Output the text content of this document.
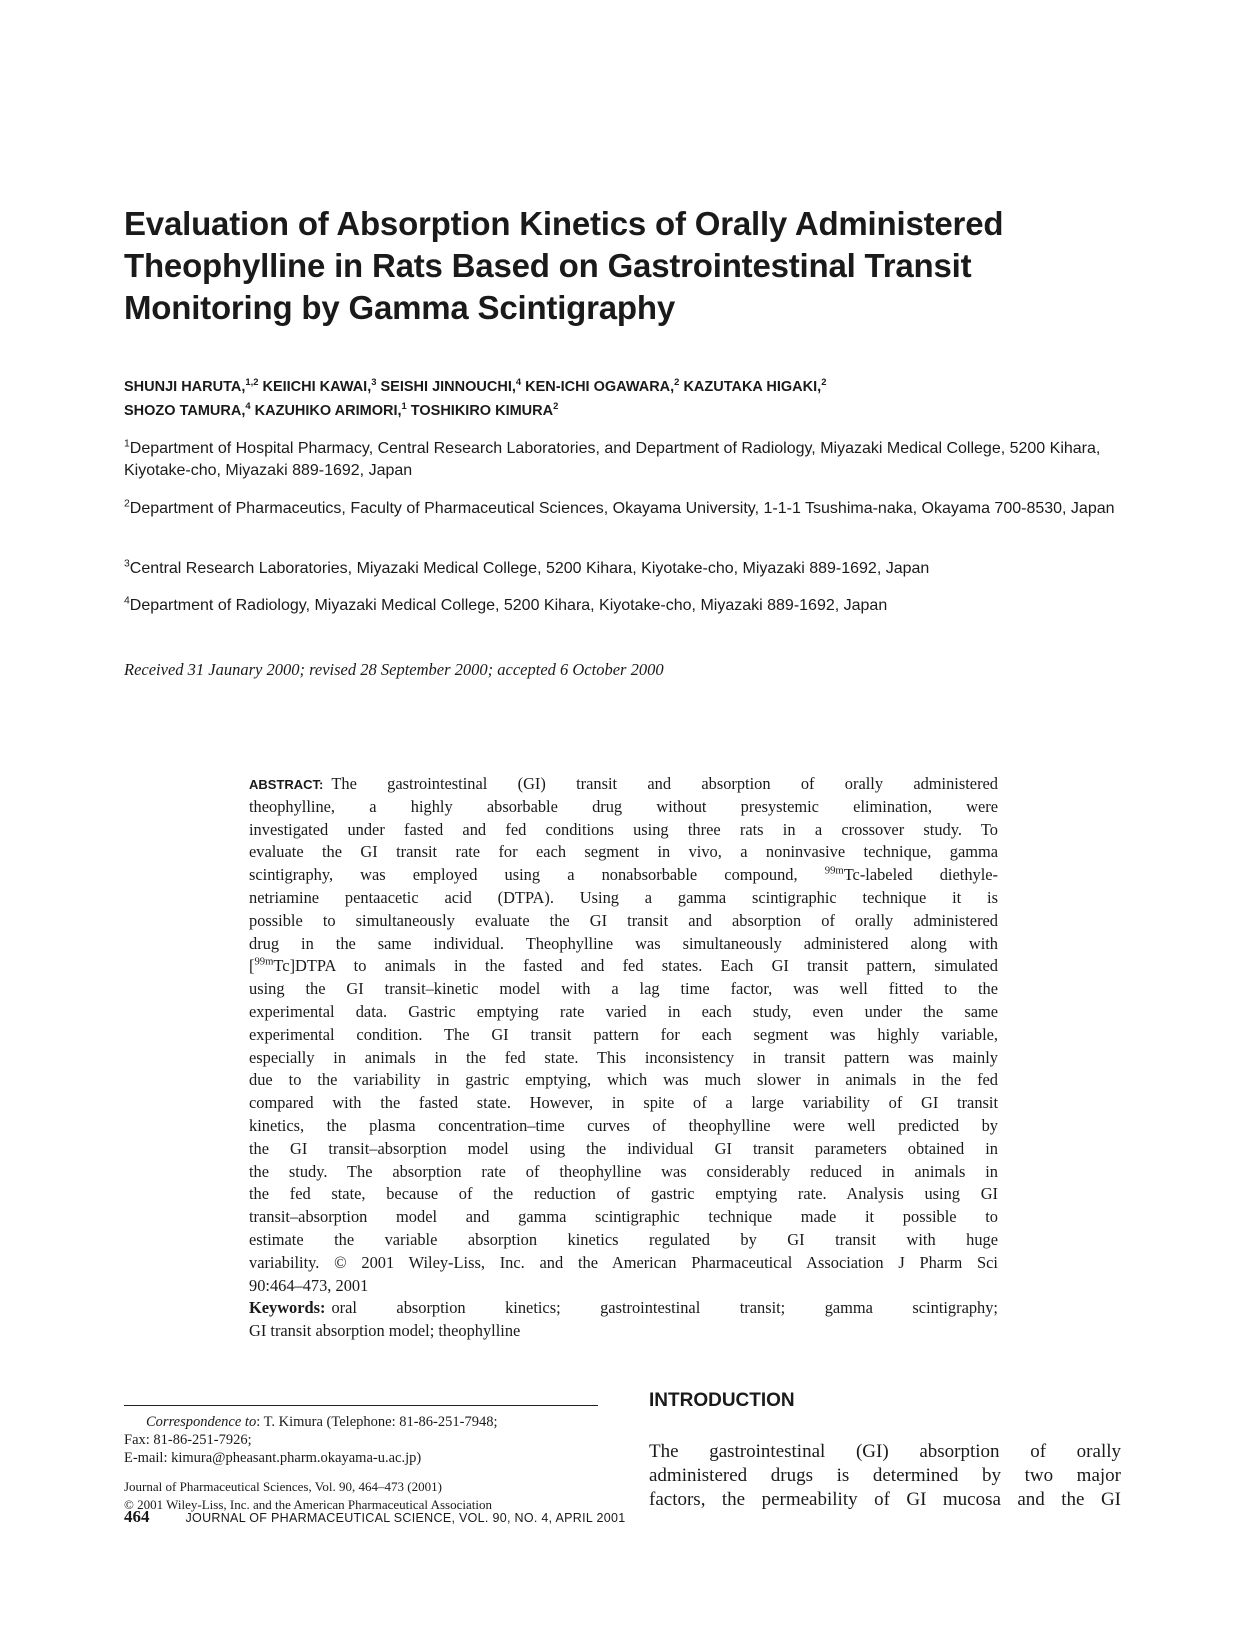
Evaluation of Absorption Kinetics of Orally Administered
Theophylline in Rats Based on Gastrointestinal Transit
Monitoring by Gamma Scintigraphy
SHUNJI HARUTA,$^{1,2}$ KEIICHI KAWAI,$^3$ SEISHI JINNOUCHI,$^4$ KEN-ICHI OGAWARA,$^2$ KAZUTAKA HIGAKI,$^2$
SHOZO TAMURA,$^4$ KAZUHIKO ARIMORI,$^1$ TOSHIKIRO KIMURA$^2$
$^1$Department of Hospital Pharmacy, Central Research Laboratories, and Department of Radiology, Miyazaki Medical College, 5200 Kihara, Kiyotake-cho, Miyazaki 889-1692, Japan
$^2$Department of Pharmaceutics, Faculty of Pharmaceutical Sciences, Okayama University, 1-1-1 Tsushima-naka, Okayama 700-8530, Japan
$^3$Central Research Laboratories, Miyazaki Medical College, 5200 Kihara, Kiyotake-cho, Miyazaki 889-1692, Japan
$^4$Department of Radiology, Miyazaki Medical College, 5200 Kihara, Kiyotake-cho, Miyazaki 889-1692, Japan
Received 31 Jaunary 2000; revised 28 September 2000; accepted 6 October 2000
ABSTRACT: The gastrointestinal (GI) transit and absorption of orally administered
theophylline, a highly absorbable drug without presystemic elimination, were
investigated under fasted and fed conditions using three rats in a crossover study. To
evaluate the GI transit rate for each segment in vivo, a noninvasive technique, gamma
scintigraphy, was employed using a nonabsorbable compound, $^{99m}$Tc-labeled diethyle-
netriamine pentaacetic acid (DTPA). Using a gamma scintigraphic technique it is
possible to simultaneously evaluate the GI transit and absorption of orally administered
drug in the same individual. Theophylline was simultaneously administered along with
[$^{99m}$Tc]DTPA to animals in the fasted and fed states. Each GI transit pattern, simulated
using the GI transit–kinetic model with a lag time factor, was well fitted to the
experimental data. Gastric emptying rate varied in each study, even under the same
experimental condition. The GI transit pattern for each segment was highly variable,
especially in animals in the fed state. This inconsistency in transit pattern was mainly
due to the variability in gastric emptying, which was much slower in animals in the fed
compared with the fasted state. However, in spite of a large variability of GI transit
kinetics, the plasma concentration–time curves of theophylline were well predicted by
the GI transit–absorption model using the individual GI transit parameters obtained in
the study. The absorption rate of theophylline was considerably reduced in animals in
the fed state, because of the reduction of gastric emptying rate. Analysis using GI
transit–absorption model and gamma scintigraphic technique made it possible to
estimate the variable absorption kinetics regulated by GI transit with huge
variability. © 2001 Wiley-Liss, Inc. and the American Pharmaceutical Association J Pharm Sci
90:464–473, 2001
Keywords: oral absorption kinetics; gastrointestinal transit; gamma scintigraphy;
GI transit absorption model; theophylline
Correspondence to: T. Kimura (Telephone: 81-86-251-7948;
Fax: 81-86-251-7926;
E-mail: kimura@pheasant.pharm.okayama-u.ac.jp)
Journal of Pharmaceutical Sciences, Vol. 90, 464–473 (2001)
© 2001 Wiley-Liss, Inc. and the American Pharmaceutical Association
INTRODUCTION
The gastrointestinal (GI) absorption of orally
administered drugs is determined by two major
factors, the permeability of GI mucosa and the GI
464	JOURNAL OF PHARMACEUTICAL SCIENCE, VOL. 90, NO. 4, APRIL 2001
